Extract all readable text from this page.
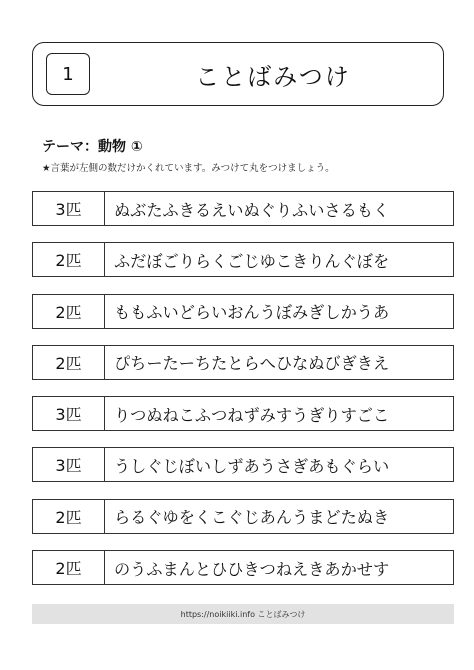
1	ことばみつけ
テーマ：動物 ①
★言葉が左側の数だけかくれています。みつけて丸をつけましょう。
3匹	ぬぶたふきるえいぬぐりふいさるもく
2匹	ふだぼごりらくごじゆこきりんぐぼを
2匹	ももふいどらいおんうぼみぎしかうあ
2匹	ぴちーたーちたとらへひなぬびぎきえ
3匹	りつぬねこふつねずみすうぎりすごこ
3匹	うしぐじぼいしずあうさぎあもぐらい
2匹	らるぐゆをくこぐじあんうまどたぬき
2匹	のうふまんとひひきつねえきあかせす
https://noikiiki.info ことばみつけ
